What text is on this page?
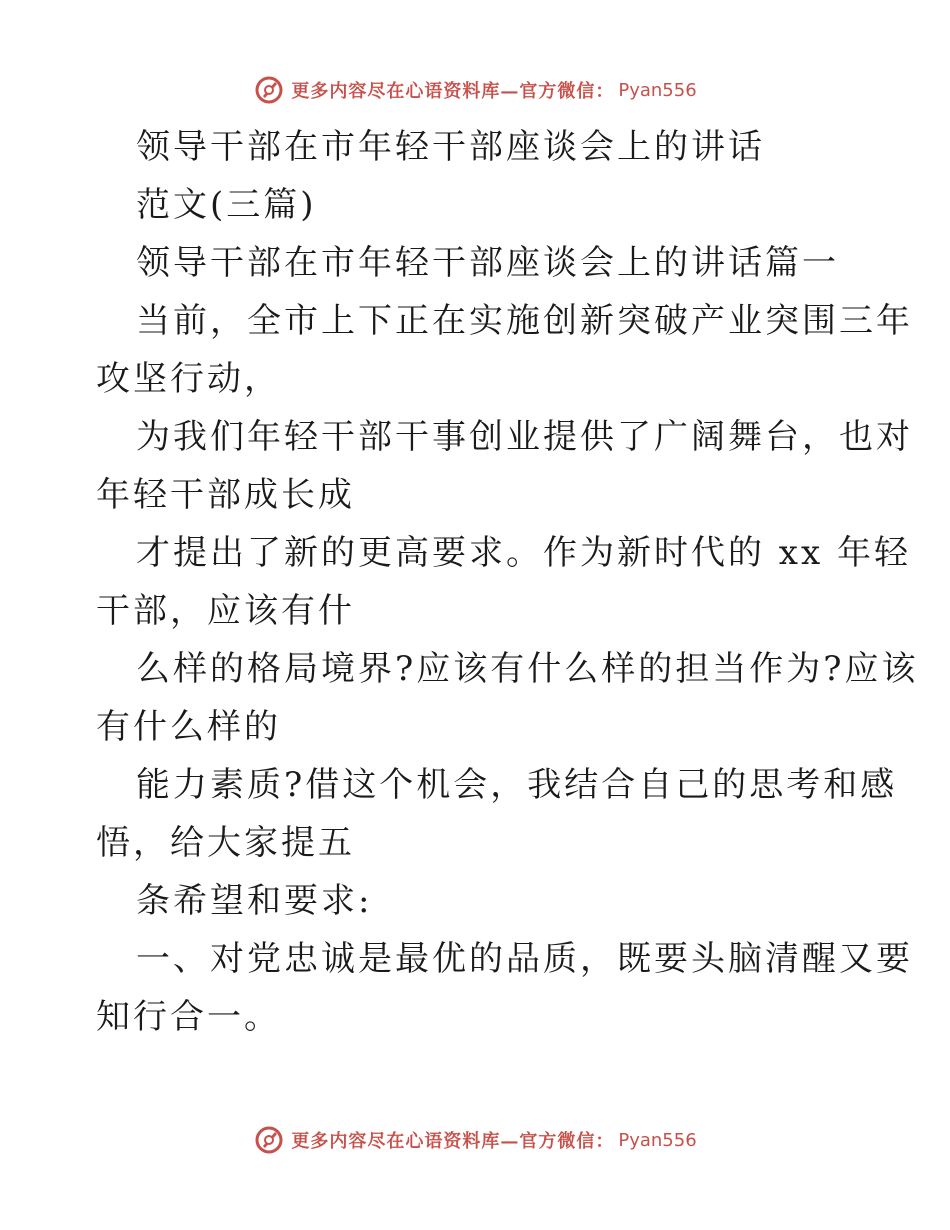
更多内容尽在心语资料库—官方微信： Pyan556
领导干部在市年轻干部座谈会上的讲话
范文(三篇)
领导干部在市年轻干部座谈会上的讲话篇一
当前，全市上下正在实施创新突破产业突围三年
攻坚行动，
为我们年轻干部干事创业提供了广阔舞台，也对
年轻干部成长成
才提出了新的更高要求。作为新时代的 xx 年轻
干部，应该有什
么样的格局境界?应该有什么样的担当作为?应该
有什么样的
能力素质?借这个机会，我结合自己的思考和感
悟，给大家提五
条希望和要求:
一、对党忠诚是最优的品质，既要头脑清醒又要
知行合一。
更多内容尽在心语资料库—官方微信： Pyan556
